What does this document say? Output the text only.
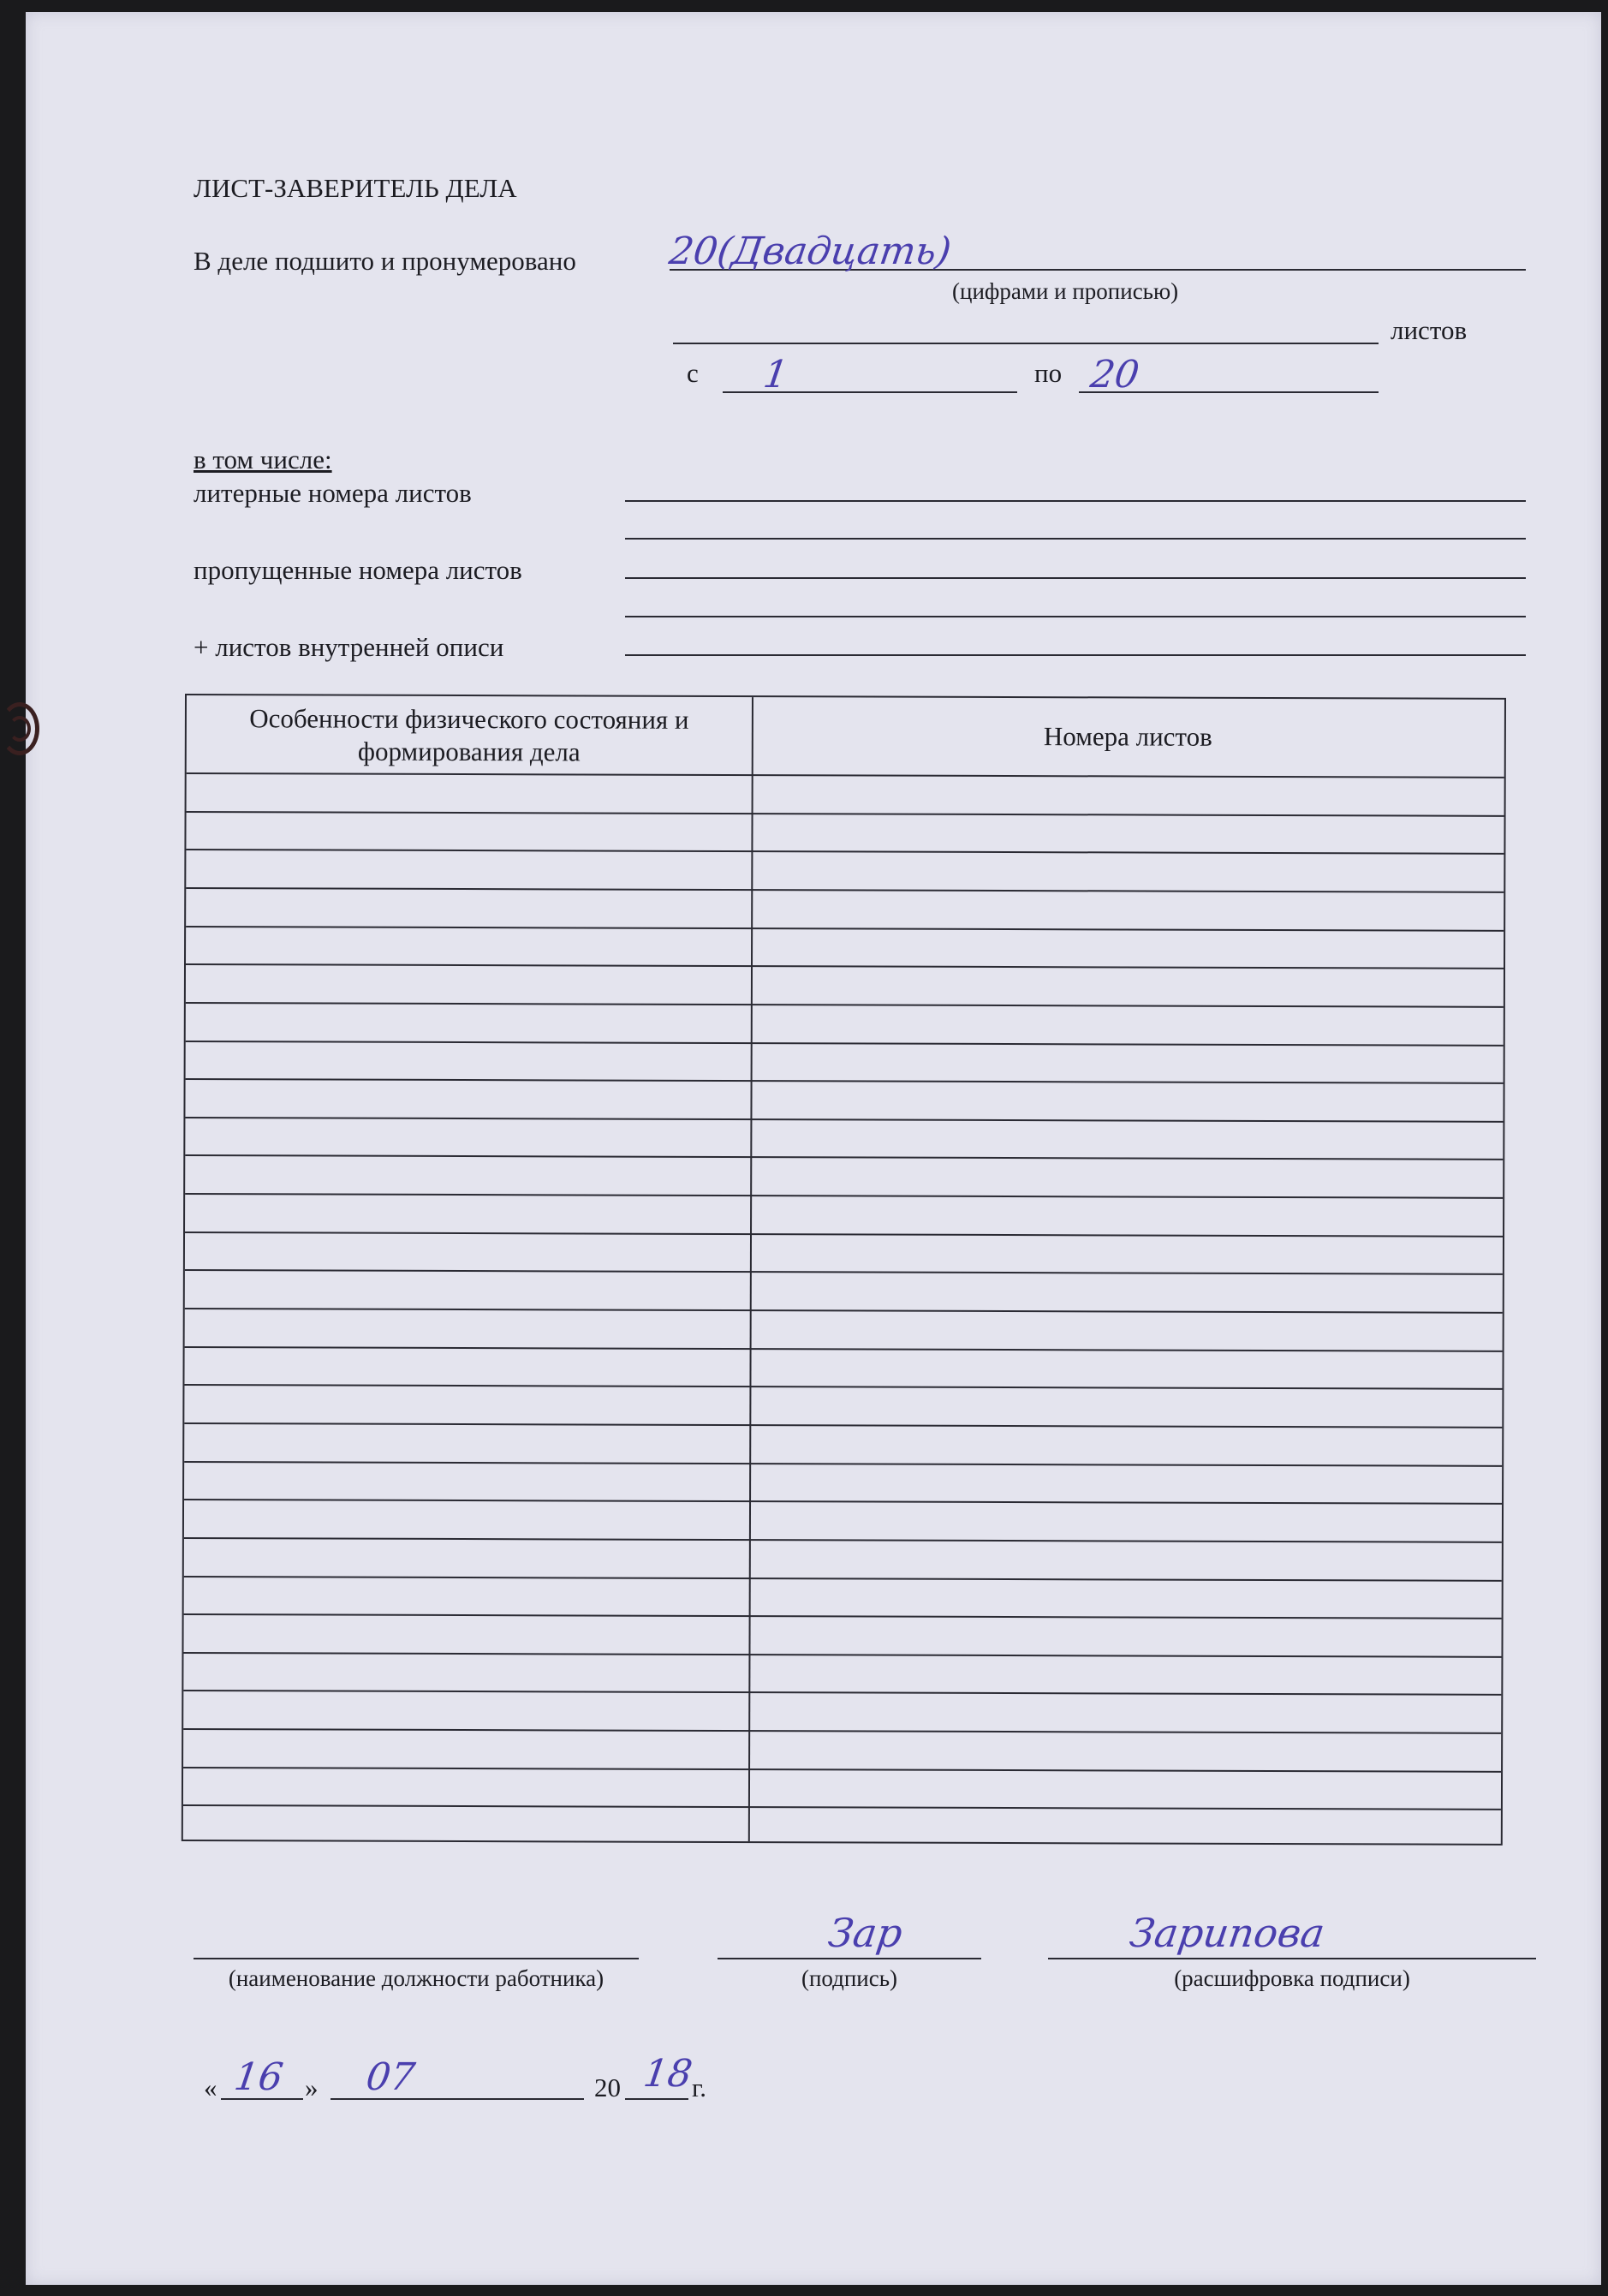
ЛИСТ-ЗАВЕРИТЕЛЬ ДЕЛА
В деле подшито и пронумеровано 20(Двадцать)
(цифрами и прописью)
листов
с 1	по 20
в том числе:
литерные номера листов
пропущенные номера листов
+ листов внутренней описи
Особенности физического состояния и формирования дела	Номера листов
(наименование должности работника)
Зар
(подпись)
Зарипова
(расшифровка подписи)
« 16 » 07	20 18
г.
